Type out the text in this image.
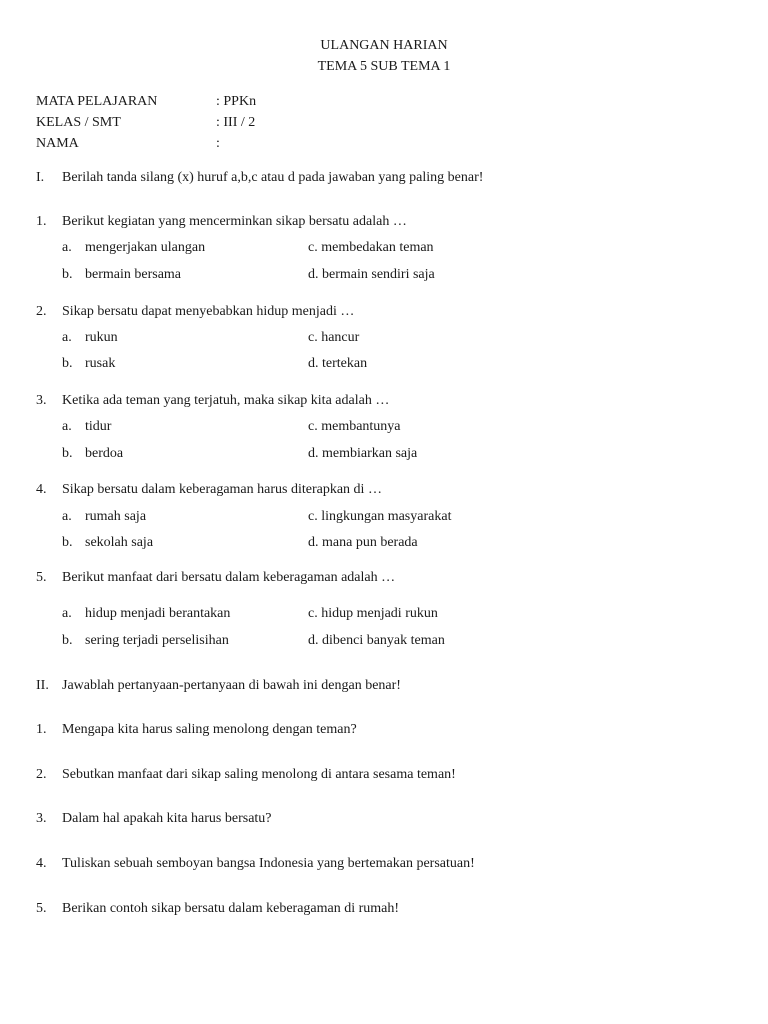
ULANGAN HARIAN
TEMA 5 SUB TEMA 1
MATA PELAJARAN	: PPKn
KELAS / SMT	: III / 2
NAMA	:
I. Berilah tanda silang (x) huruf a,b,c atau d pada jawaban yang paling benar!
1. Berikut kegiatan yang mencerminkan sikap bersatu adalah …
a. mengerjakan ulangan	c. membedakan teman
b. bermain bersama	d. bermain sendiri saja
2. Sikap bersatu dapat menyebabkan hidup menjadi …
a. rukun	c. hancur
b. rusak	d. tertekan
3. Ketika ada teman yang terjatuh, maka sikap kita adalah …
a. tidur	c. membantunya
b. berdoa	d. membiarkan saja
4. Sikap bersatu dalam keberagaman harus diterapkan di …
a. rumah saja	c. lingkungan masyarakat
b. sekolah saja	d. mana pun berada
5. Berikut manfaat dari bersatu dalam keberagaman adalah …
a. hidup menjadi berantakan	c. hidup menjadi rukun
b. sering terjadi perselisihan	d. dibenci banyak teman
II. Jawablah pertanyaan-pertanyaan di bawah ini dengan benar!
1. Mengapa kita harus saling menolong dengan teman?
2. Sebutkan manfaat dari sikap saling menolong di antara sesama teman!
3. Dalam hal apakah kita harus bersatu?
4. Tuliskan sebuah semboyan bangsa Indonesia yang bertemakan persatuan!
5. Berikan contoh sikap bersatu dalam keberagaman di rumah!
